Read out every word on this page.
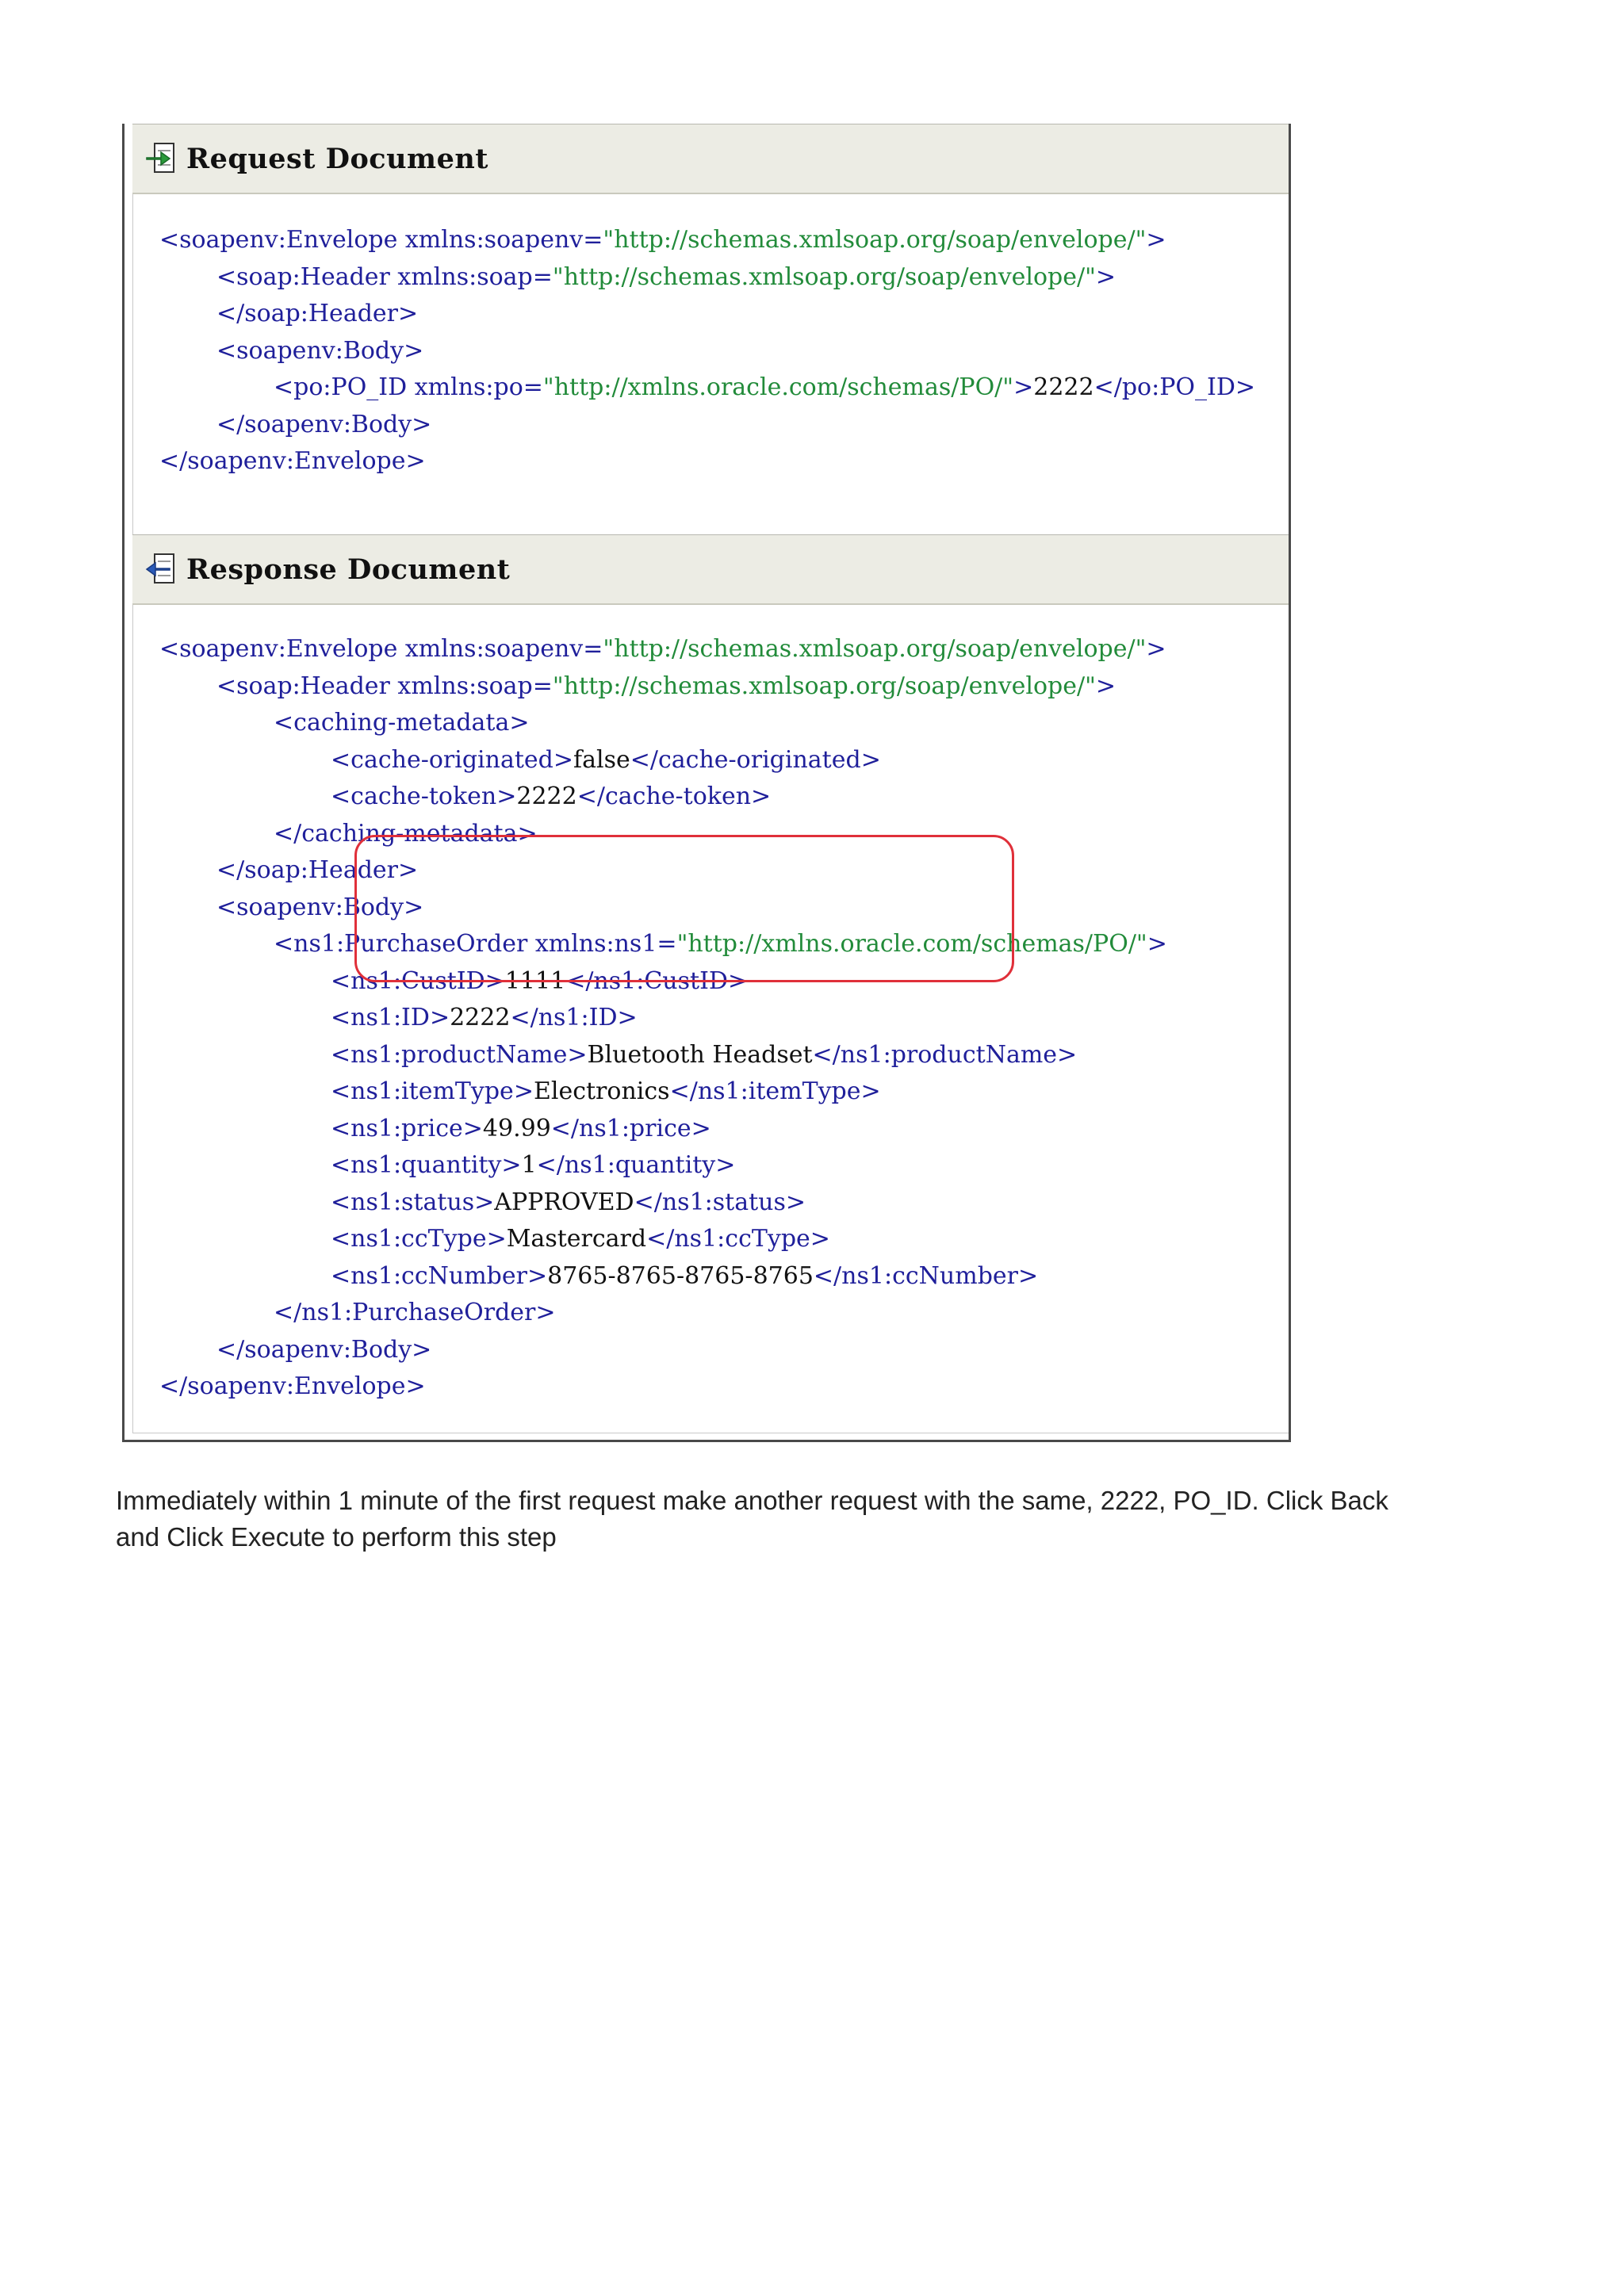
Request Document
<soapenv:Envelope xmlns:soapenv="http://schemas.xmlsoap.org/soap/envelope/">
<soap:Header xmlns:soap="http://schemas.xmlsoap.org/soap/envelope/">
</soap:Header>
<soapenv:Body>
<po:PO_ID xmlns:po="http://xmlns.oracle.com/schemas/PO/">2222</po:PO_ID>
</soapenv:Body>
</soapenv:Envelope>
Response Document
<soapenv:Envelope xmlns:soapenv="http://schemas.xmlsoap.org/soap/envelope/">
<soap:Header xmlns:soap="http://schemas.xmlsoap.org/soap/envelope/">
<caching-metadata>
<cache-originated>false</cache-originated>
<cache-token>2222</cache-token>
</caching-metadata>
</soap:Header>
<soapenv:Body>
<ns1:PurchaseOrder xmlns:ns1="http://xmlns.oracle.com/schemas/PO/">
<ns1:CustID>1111</ns1:CustID>
<ns1:ID>2222</ns1:ID>
<ns1:productName>Bluetooth Headset</ns1:productName>
<ns1:itemType>Electronics</ns1:itemType>
<ns1:price>49.99</ns1:price>
<ns1:quantity>1</ns1:quantity>
<ns1:status>APPROVED</ns1:status>
<ns1:ccType>Mastercard</ns1:ccType>
<ns1:ccNumber>8765-8765-8765-8765</ns1:ccNumber>
</ns1:PurchaseOrder>
</soapenv:Body>
</soapenv:Envelope>
Immediately within 1 minute of the first request make another request with the same, 2222, PO_ID. Click Back
and Click Execute to perform this step
